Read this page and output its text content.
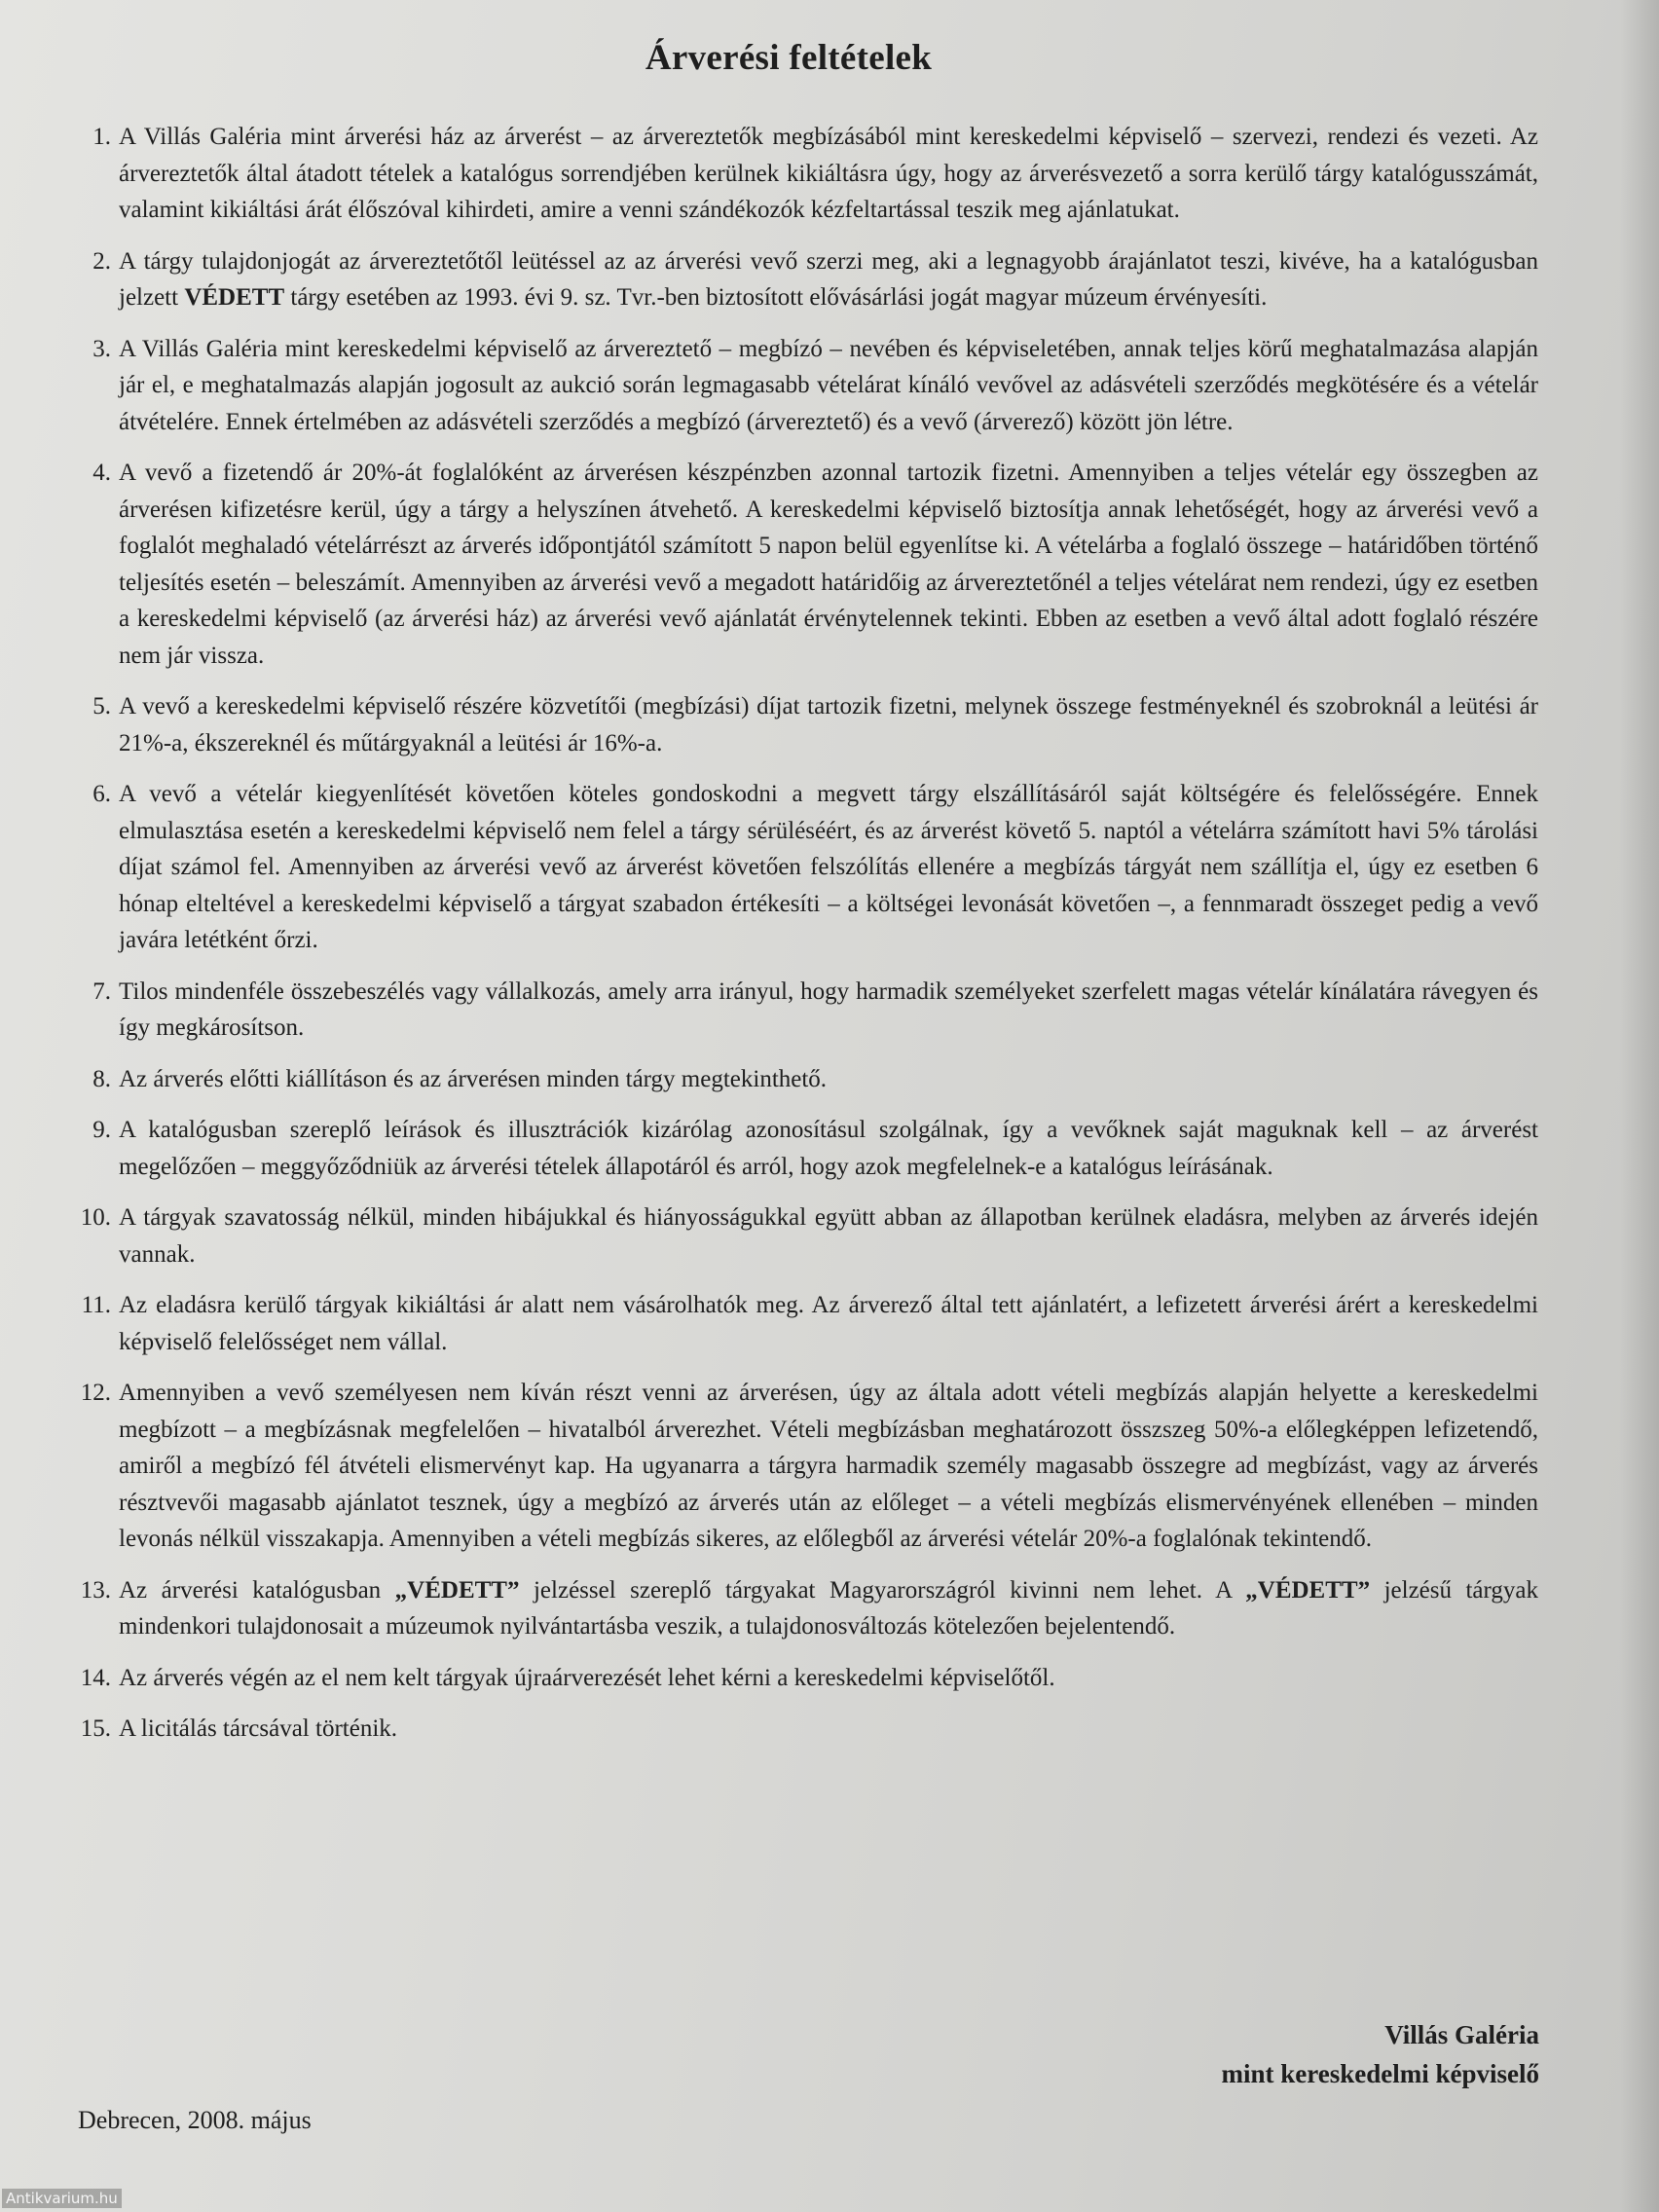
Árverési feltételek
1. A Villás Galéria mint árverési ház az árverést – az árvereztetők megbízásából mint kereskedelmi képviselő – szervezi, rendezi és vezeti. Az árvereztetők által átadott tételek a katalógus sorrendjében kerülnek kikiáltásra úgy, hogy az árverésvezető a sorra kerülő tárgy katalógusszámát, valamint kikiáltási árát élőszóval kihirdeti, amire a venni szándékozók kézfeltartással teszik meg ajánlatukat.
2. A tárgy tulajdonjogát az árvereztetőtől leütéssel az az árverési vevő szerzi meg, aki a legnagyobb árajánlatot teszi, kivéve, ha a katalógusban jelzett VÉDETT tárgy esetében az 1993. évi 9. sz. Tvr.-ben biztosított elővásárlási jogát magyar múzeum érvényesíti.
3. A Villás Galéria mint kereskedelmi képviselő az árvereztető – megbízó – nevében és képviseletében, annak teljes körű meghatalmazása alapján jár el, e meghatalmazás alapján jogosult az aukció során legmagasabb vételárat kínáló vevővel az adásvételi szerződés megkötésére és a vételár átvételére. Ennek értelmében az adásvételi szerződés a megbízó (árvereztető) és a vevő (árverező) között jön létre.
4. A vevő a fizetendő ár 20%-át foglalóként az árverésen készpénzben azonnal tartozik fizetni. Amennyiben a teljes vételár egy összegben az árverésen kifizetésre kerül, úgy a tárgy a helyszínen átvehető. A kereskedelmi képviselő biztosítja annak lehetőségét, hogy az árverési vevő a foglalót meghaladó vételárrészt az árverés időpontjától számított 5 napon belül egyenlítse ki. A vételárba a foglaló összege – határidőben történő teljesítés esetén – beleszámít. Amennyiben az árverési vevő a megadott határidőig az árvereztetőnél a teljes vételárat nem rendezi, úgy ez esetben a kereskedelmi képviselő (az árverési ház) az árverési vevő ajánlatát érvénytelennek tekinti. Ebben az esetben a vevő által adott foglaló részére nem jár vissza.
5. A vevő a kereskedelmi képviselő részére közvetítői (megbízási) díjat tartozik fizetni, melynek összege festményeknél és szobroknál a leütési ár 21%-a, ékszereknél és műtárgyaknál a leütési ár 16%-a.
6. A vevő a vételár kiegyenlítését követően köteles gondoskodni a megvett tárgy elszállításáról saját költségére és felelősségére. Ennek elmulasztása esetén a kereskedelmi képviselő nem felel a tárgy sérüléséért, és az árverést követő 5. naptól a vételárra számított havi 5% tárolási díjat számol fel. Amennyiben az árverési vevő az árverést követően felszólítás ellenére a megbízás tárgyát nem szállítja el, úgy ez esetben 6 hónap elteltével a kereskedelmi képviselő a tárgyat szabadon értékesíti – a költségei levonását követően –, a fennmaradt összeget pedig a vevő javára letétként őrzi.
7. Tilos mindenféle összebeszélés vagy vállalkozás, amely arra irányul, hogy harmadik személyeket szerfelett magas vételár kínálatára rávegyen és így megkárosítson.
8. Az árverés előtti kiállításon és az árverésen minden tárgy megtekinthető.
9. A katalógusban szereplő leírások és illusztrációk kizárólag azonosításul szolgálnak, így a vevőknek saját maguknak kell – az árverést megelőzően – meggyőződniük az árverési tételek állapotáról és arról, hogy azok megfelelnek-e a katalógus leírásának.
10. A tárgyak szavatosság nélkül, minden hibájukkal és hiányosságukkal együtt abban az állapotban kerülnek eladásra, melyben az árverés idején vannak.
11. Az eladásra kerülő tárgyak kikiáltási ár alatt nem vásárolhatók meg. Az árverező által tett ajánlatért, a lefizetett árverési árért a kereskedelmi képviselő felelősséget nem vállal.
12. Amennyiben a vevő személyesen nem kíván részt venni az árverésen, úgy az általa adott vételi megbízás alapján helyette a kereskedelmi megbízott – a megbízásnak megfelelően – hivatalból árverezhet. Vételi megbízásban meghatározott összszeg 50%-a előlegképpen lefizetendő, amiről a megbízó fél átvételi elismervényt kap. Ha ugyanarra a tárgyra harmadik személy magasabb összegre ad megbízást, vagy az árverés résztvevői magasabb ajánlatot tesznek, úgy a megbízó az árverés után az előleget – a vételi megbízás elismervényének ellenében – minden levonás nélkül visszakapja. Amennyiben a vételi megbízás sikeres, az előlegből az árverési vételár 20%-a foglalónak tekintendő.
13. Az árverési katalógusban „VÉDETT” jelzéssel szereplő tárgyakat Magyarországról kivinni nem lehet. A „VÉDETT” jelzésű tárgyak mindenkori tulajdonosait a múzeumok nyilvántartásba veszik, a tulajdonosváltozás kötelezően bejelentendő.
14. Az árverés végén az el nem kelt tárgyak újraárverezését lehet kérni a kereskedelmi képviselőtől.
15. A licitálás tárcsával történik.
Villás Galéria
mint kereskedelmi képviselő
Debrecen, 2008. május
Antikvarium.hu
